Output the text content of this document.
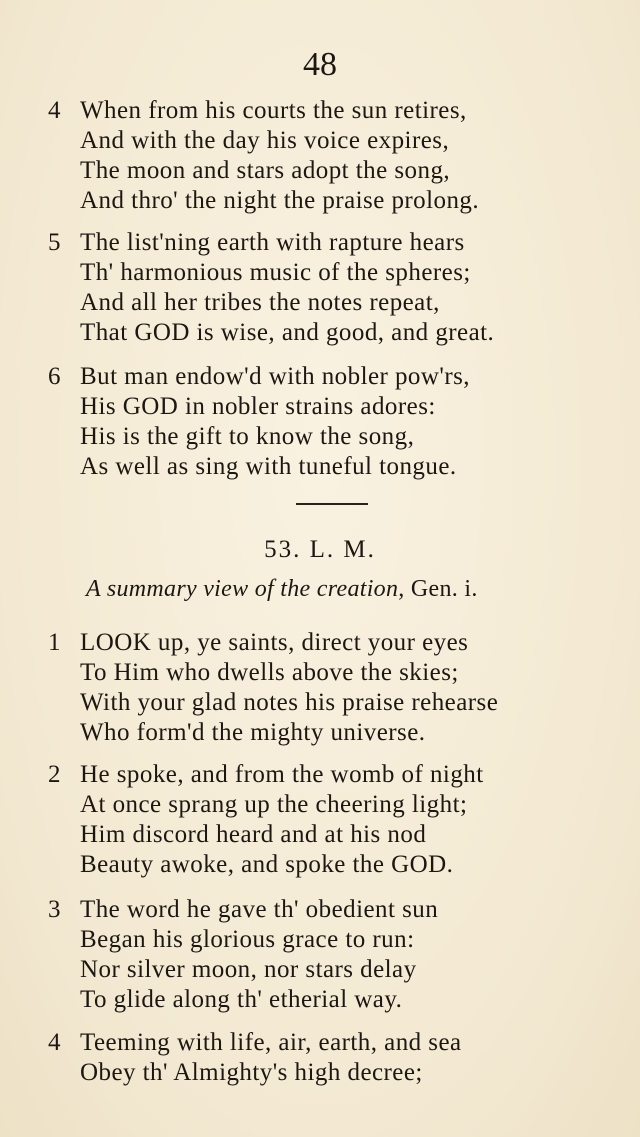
48
4 When from his courts the sun retires,
And with the day his voice expires,
The moon and stars adopt the song,
And thro' the night the praise prolong.
5 The list'ning earth with rapture hears
Th' harmonious music of the spheres;
And all her tribes the notes repeat,
That GOD is wise, and good, and great.
6 But man endow'd with nobler pow'rs,
His GOD in nobler strains adores:
His is the gift to know the song,
As well as sing with tuneful tongue.
53. L. M.
A summary view of the creation, Gen. i.
1 LOOK up, ye saints, direct your eyes
To Him who dwells above the skies;
With your glad notes his praise rehearse
Who form'd the mighty universe.
2 He spoke, and from the womb of night
At once sprang up the cheering light;
Him discord heard and at his nod
Beauty awoke, and spoke the GOD.
3 The word he gave th' obedient sun
Began his glorious grace to run:
Nor silver moon, nor stars delay
To glide along th' etherial way.
4 Teeming with life, air, earth, and sea
Obey th' Almighty's high decree;
